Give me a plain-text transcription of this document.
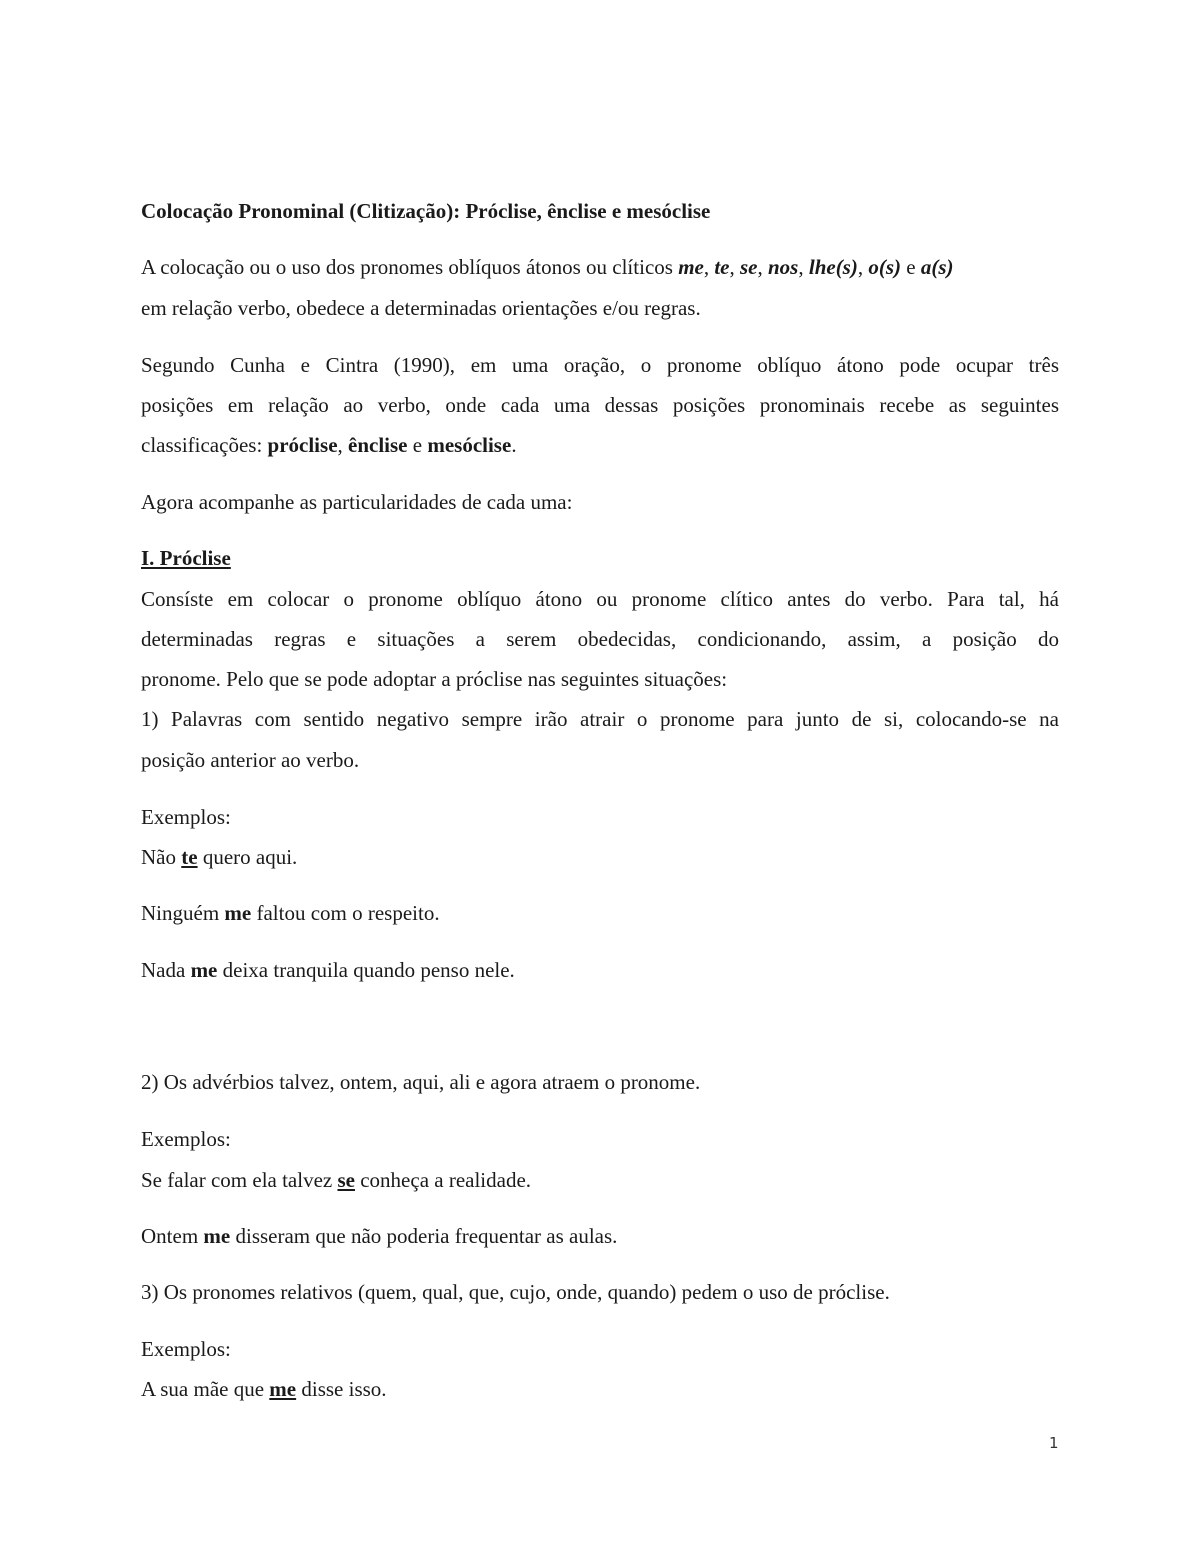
Colocação Pronominal (Clitização): Próclise, ênclise e mesóclise
A colocação ou o uso dos pronomes oblíquos átonos ou clíticos me, te, se, nos, lhe(s), o(s) e a(s)
em relação verbo, obedece a determinadas orientações e/ou regras.
Segundo Cunha e Cintra (1990), em uma oração, o pronome oblíquo átono pode ocupar três
posições em relação ao verbo, onde cada uma dessas posições pronominais recebe as seguintes
classificações: próclise, ênclise e mesóclise.
Agora acompanhe as particularidades de cada uma:
I. Próclise
Consíste em colocar o pronome oblíquo átono ou pronome clítico antes do verbo. Para tal, há
determinadas regras e situações a serem obedecidas, condicionando, assim, a posição do
pronome. Pelo que se pode adoptar a próclise nas seguintes situações:
1) Palavras com sentido negativo sempre irão atrair o pronome para junto de si, colocando-se na
posição anterior ao verbo.
Exemplos:
Não te quero aqui.
Ninguém me faltou com o respeito.
Nada me deixa tranquila quando penso nele.
2) Os advérbios talvez, ontem, aqui, ali e agora atraem o pronome.
Exemplos:
Se falar com ela talvez se conheça a realidade.
Ontem me disseram que não poderia frequentar as aulas.
3) Os pronomes relativos (quem, qual, que, cujo, onde, quando) pedem o uso de próclise.
Exemplos:
A sua mãe que me disse isso.
1
